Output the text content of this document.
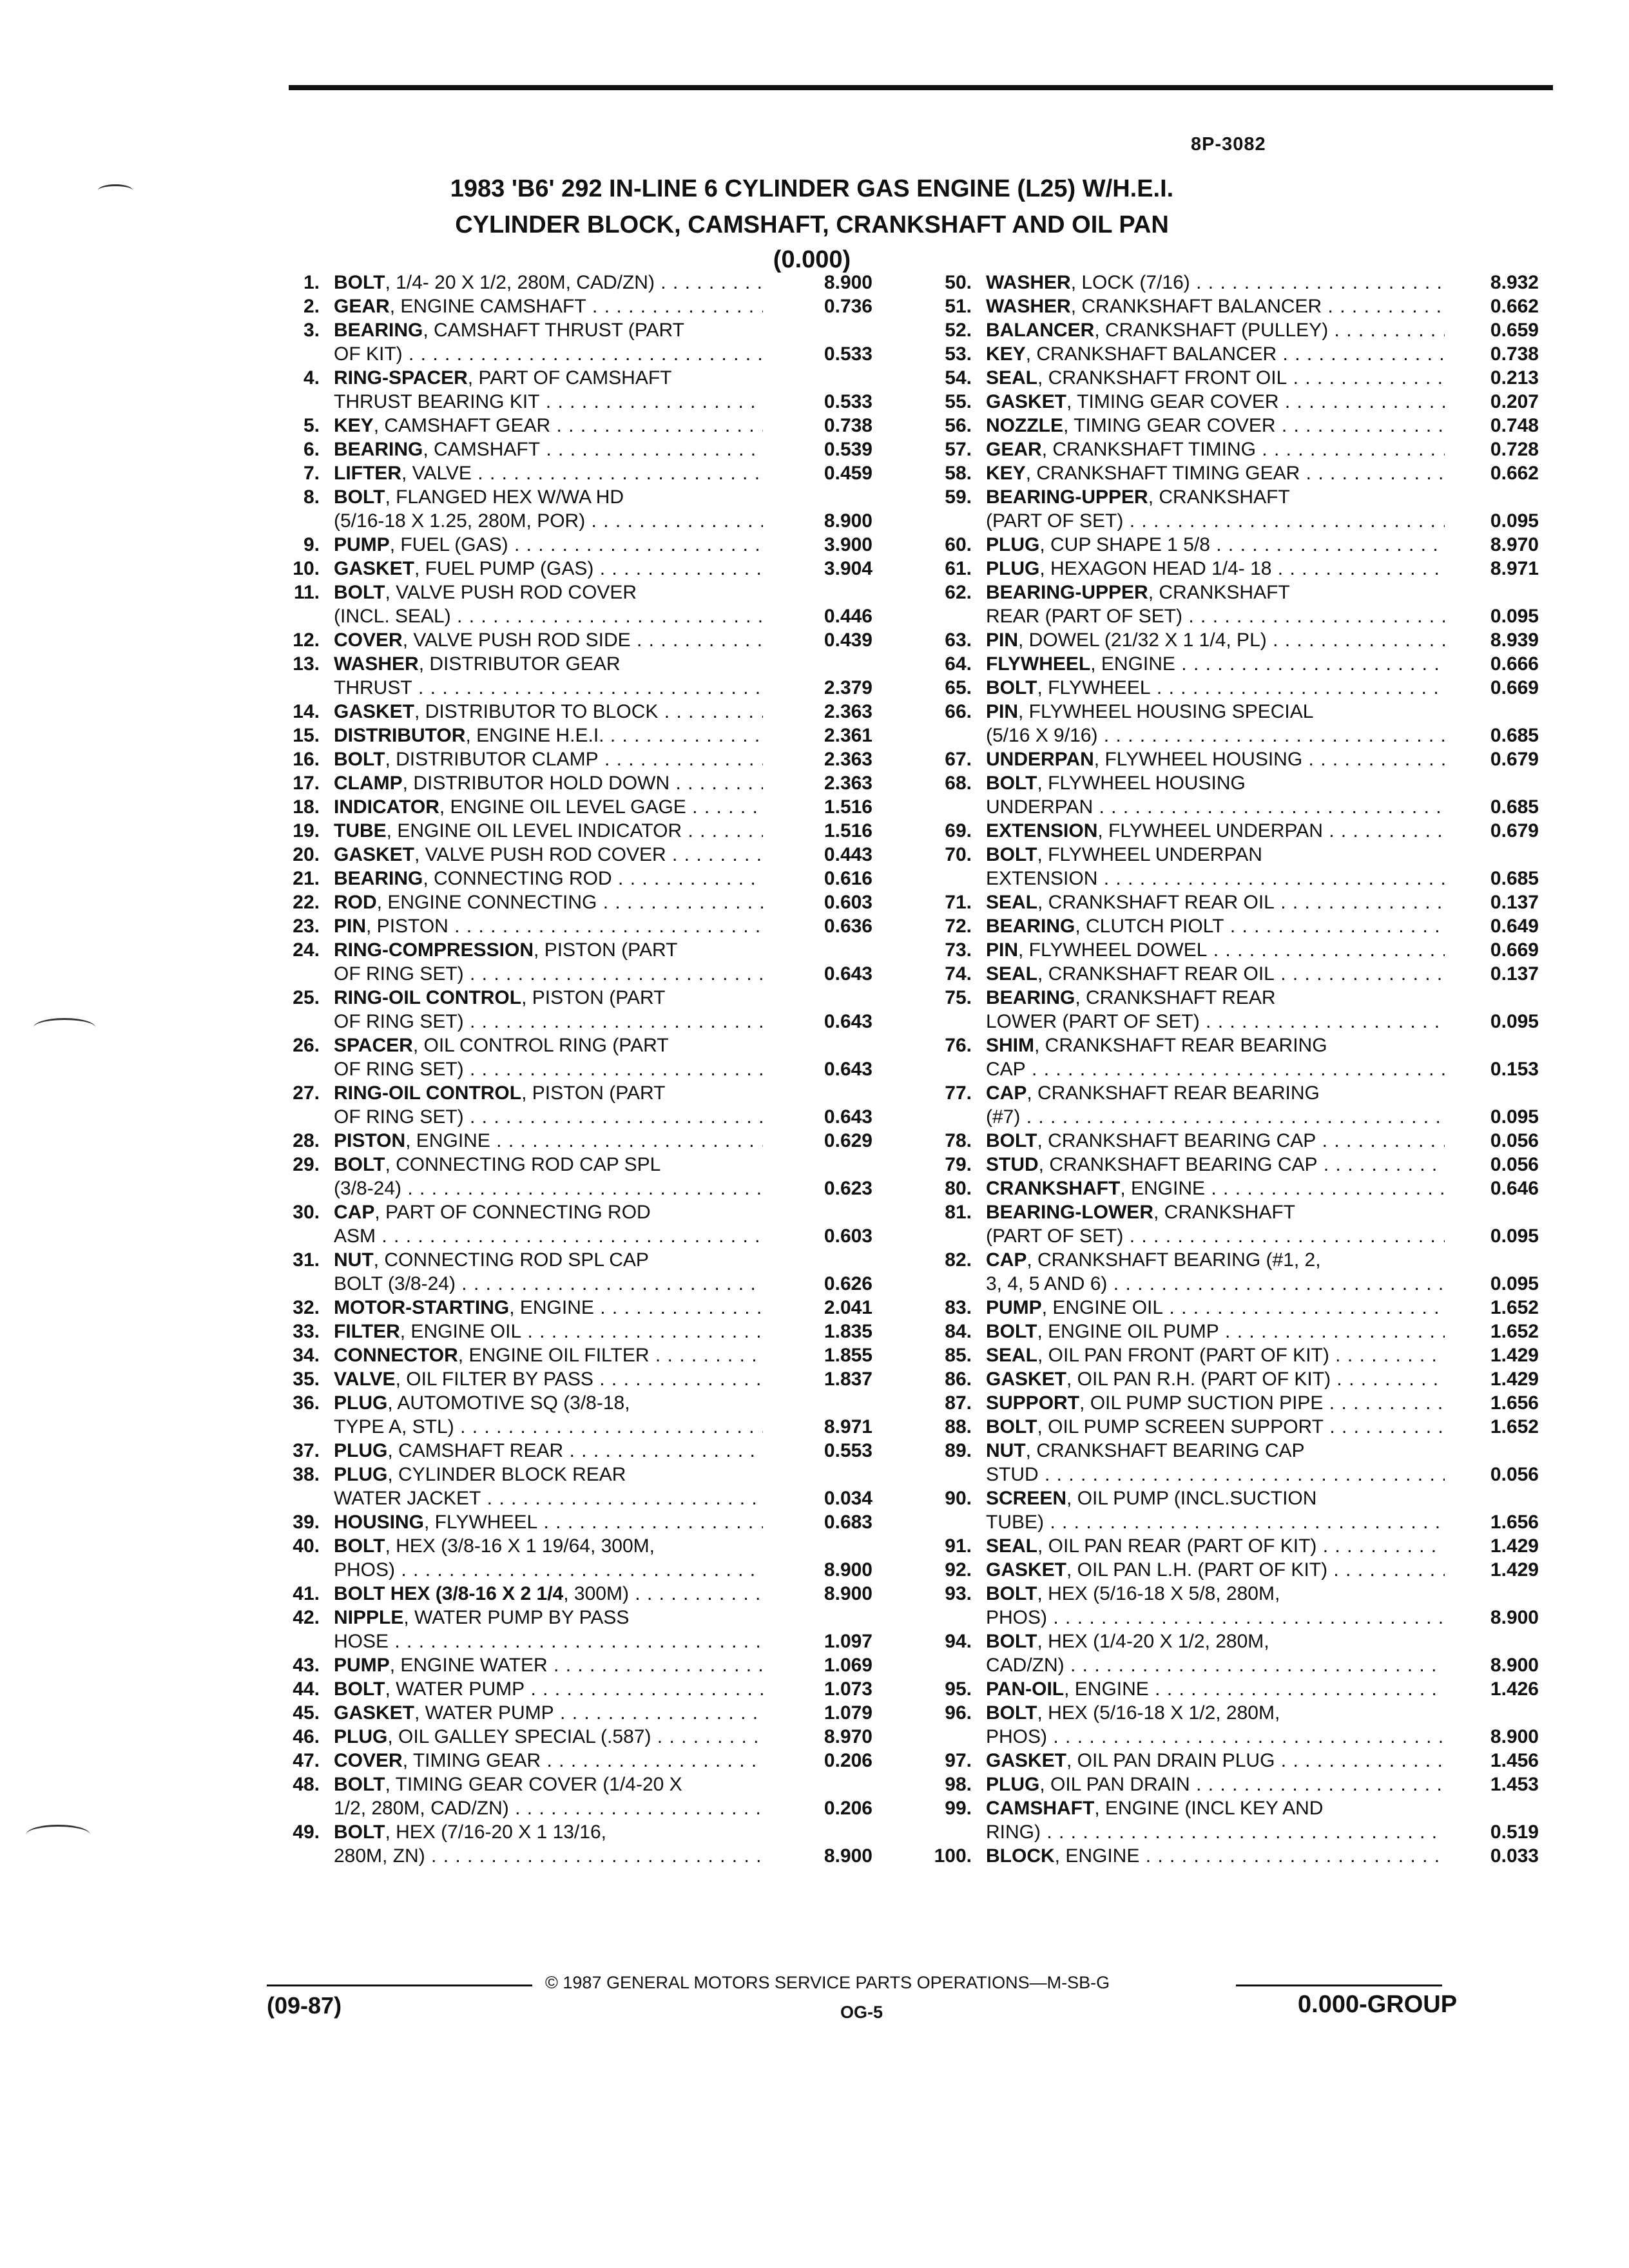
8P-3082
1983 'B6' 292 IN-LINE 6 CYLINDER GAS ENGINE (L25) W/H.E.I.
CYLINDER BLOCK, CAMSHAFT, CRANKSHAFT AND OIL PAN
(0.000)
1. BOLT, 1/4- 20 X 1/2, 280M, CAD/ZN) . . .	8.900
2. GEAR, ENGINE CAMSHAFT . . .	0.736
3. BEARING, CAMSHAFT THRUST (PART
OF KIT) . . .	0.533
4. RING-SPACER, PART OF CAMSHAFT
THRUST BEARING KIT . . .	0.533
5. KEY, CAMSHAFT GEAR . . .	0.738
6. BEARING, CAMSHAFT . . .	0.539
7. LIFTER, VALVE . . .	0.459
8. BOLT, FLANGED HEX W/WA HD
(5/16-18 X 1.25, 280M, POR) . . .	8.900
9. PUMP, FUEL (GAS) . . .	3.900
10. GASKET, FUEL PUMP (GAS) . . .	3.904
11. BOLT, VALVE PUSH ROD COVER
(INCL. SEAL) . . .	0.446
12. COVER, VALVE PUSH ROD SIDE . . .	0.439
13. WASHER, DISTRIBUTOR GEAR
THRUST . . .	2.379
14. GASKET, DISTRIBUTOR TO BLOCK . . .	2.363
15. DISTRIBUTOR, ENGINE H.E.I. . . .	2.361
16. BOLT, DISTRIBUTOR CLAMP . . .	2.363
17. CLAMP, DISTRIBUTOR HOLD DOWN . . .	2.363
18. INDICATOR, ENGINE OIL LEVEL GAGE . . .	1.516
19. TUBE, ENGINE OIL LEVEL INDICATOR . . .	1.516
20. GASKET, VALVE PUSH ROD COVER . . .	0.443
21. BEARING, CONNECTING ROD . . .	0.616
22. ROD, ENGINE CONNECTING . . .	0.603
23. PIN, PISTON . . .	0.636
24. RING-COMPRESSION, PISTON (PART
OF RING SET) . . .	0.643
25. RING-OIL CONTROL, PISTON (PART
OF RING SET) . . .	0.643
26. SPACER, OIL CONTROL RING (PART
OF RING SET) . . .	0.643
27. RING-OIL CONTROL, PISTON (PART
OF RING SET) . . .	0.643
28. PISTON, ENGINE . . .	0.629
29. BOLT, CONNECTING ROD CAP SPL
(3/8-24) . . .	0.623
30. CAP, PART OF CONNECTING ROD
ASM . . .	0.603
31. NUT, CONNECTING ROD SPL CAP
BOLT (3/8-24) . . .	0.626
32. MOTOR-STARTING, ENGINE . . .	2.041
33. FILTER, ENGINE OIL . . .	1.835
34. CONNECTOR, ENGINE OIL FILTER . . .	1.855
35. VALVE, OIL FILTER BY PASS . . .	1.837
36. PLUG, AUTOMOTIVE SQ (3/8-18,
TYPE A, STL) . . .	8.971
37. PLUG, CAMSHAFT REAR . . .	0.553
38. PLUG, CYLINDER BLOCK REAR
WATER JACKET . . .	0.034
39. HOUSING, FLYWHEEL . . .	0.683
40. BOLT, HEX (3/8-16 X 1 19/64, 300M,
PHOS) . . .	8.900
41. BOLT HEX (3/8-16 X 2 1/4, 300M) . . .	8.900
42. NIPPLE, WATER PUMP BY PASS
HOSE . . .	1.097
43. PUMP, ENGINE WATER . . .	1.069
44. BOLT, WATER PUMP . . .	1.073
45. GASKET, WATER PUMP . . .	1.079
46. PLUG, OIL GALLEY SPECIAL (.587) . . .	8.970
47. COVER, TIMING GEAR . . .	0.206
48. BOLT, TIMING GEAR COVER (1/4-20 X
1/2, 280M, CAD/ZN) . . .	0.206
49. BOLT, HEX (7/16-20 X 1 13/16,
280M, ZN) . . .	8.900
50. WASHER, LOCK (7/16) . . .	8.932
51. WASHER, CRANKSHAFT BALANCER . . .	0.662
52. BALANCER, CRANKSHAFT (PULLEY) . . .	0.659
53. KEY, CRANKSHAFT BALANCER . . .	0.738
54. SEAL, CRANKSHAFT FRONT OIL . . .	0.213
55. GASKET, TIMING GEAR COVER . . .	0.207
56. NOZZLE, TIMING GEAR COVER . . .	0.748
57. GEAR, CRANKSHAFT TIMING . . .	0.728
58. KEY, CRANKSHAFT TIMING GEAR . . .	0.662
59. BEARING-UPPER, CRANKSHAFT
(PART OF SET) . . .	0.095
60. PLUG, CUP SHAPE 1 5/8 . . .	8.970
61. PLUG, HEXAGON HEAD 1/4- 18 . . .	8.971
62. BEARING-UPPER, CRANKSHAFT
REAR (PART OF SET) . . .	0.095
63. PIN, DOWEL (21/32 X 1 1/4, PL) . . .	8.939
64. FLYWHEEL, ENGINE . . .	0.666
65. BOLT, FLYWHEEL . . .	0.669
66. PIN, FLYWHEEL HOUSING SPECIAL
(5/16 X 9/16) . . .	0.685
67. UNDERPAN, FLYWHEEL HOUSING . . .	0.679
68. BOLT, FLYWHEEL HOUSING
UNDERPAN . . .	0.685
69. EXTENSION, FLYWHEEL UNDERPAN . . .	0.679
70. BOLT, FLYWHEEL UNDERPAN
EXTENSION . . .	0.685
71. SEAL, CRANKSHAFT REAR OIL . . .	0.137
72. BEARING, CLUTCH PIOLT . . .	0.649
73. PIN, FLYWHEEL DOWEL . . .	0.669
74. SEAL, CRANKSHAFT REAR OIL . . .	0.137
75. BEARING, CRANKSHAFT REAR
LOWER (PART OF SET) . . .	0.095
76. SHIM, CRANKSHAFT REAR BEARING
CAP . . .	0.153
77. CAP, CRANKSHAFT REAR BEARING
(#7) . . .	0.095
78. BOLT, CRANKSHAFT BEARING CAP . . .	0.056
79. STUD, CRANKSHAFT BEARING CAP . . .	0.056
80. CRANKSHAFT, ENGINE . . .	0.646
81. BEARING-LOWER, CRANKSHAFT
(PART OF SET) . . .	0.095
82. CAP, CRANKSHAFT BEARING (#1, 2,
3, 4, 5 AND 6) . . .	0.095
83. PUMP, ENGINE OIL . . .	1.652
84. BOLT, ENGINE OIL PUMP . . .	1.652
85. SEAL, OIL PAN FRONT (PART OF KIT) . . .	1.429
86. GASKET, OIL PAN R.H. (PART OF KIT) . . .	1.429
87. SUPPORT, OIL PUMP SUCTION PIPE . . .	1.656
88. BOLT, OIL PUMP SCREEN SUPPORT . . .	1.652
89. NUT, CRANKSHAFT BEARING CAP
STUD . . .	0.056
90. SCREEN, OIL PUMP (INCL.SUCTION
TUBE) . . .	1.656
91. SEAL, OIL PAN REAR (PART OF KIT) . . .	1.429
92. GASKET, OIL PAN L.H. (PART OF KIT) . . .	1.429
93. BOLT, HEX (5/16-18 X 5/8, 280M,
PHOS) . . .	8.900
94. BOLT, HEX (1/4-20 X 1/2, 280M,
CAD/ZN) . . .	8.900
95. PAN-OIL, ENGINE . . .	1.426
96. BOLT, HEX (5/16-18 X 1/2, 280M,
PHOS) . . .	8.900
97. GASKET, OIL PAN DRAIN PLUG . . .	1.456
98. PLUG, OIL PAN DRAIN . . .	1.453
99. CAMSHAFT, ENGINE (INCL KEY AND
RING) . . .	0.519
100. BLOCK, ENGINE . . .	0.033
© 1987 GENERAL MOTORS SERVICE PARTS OPERATIONS—M-SB-G
(09-87)	OG-5	0.000-GROUP
